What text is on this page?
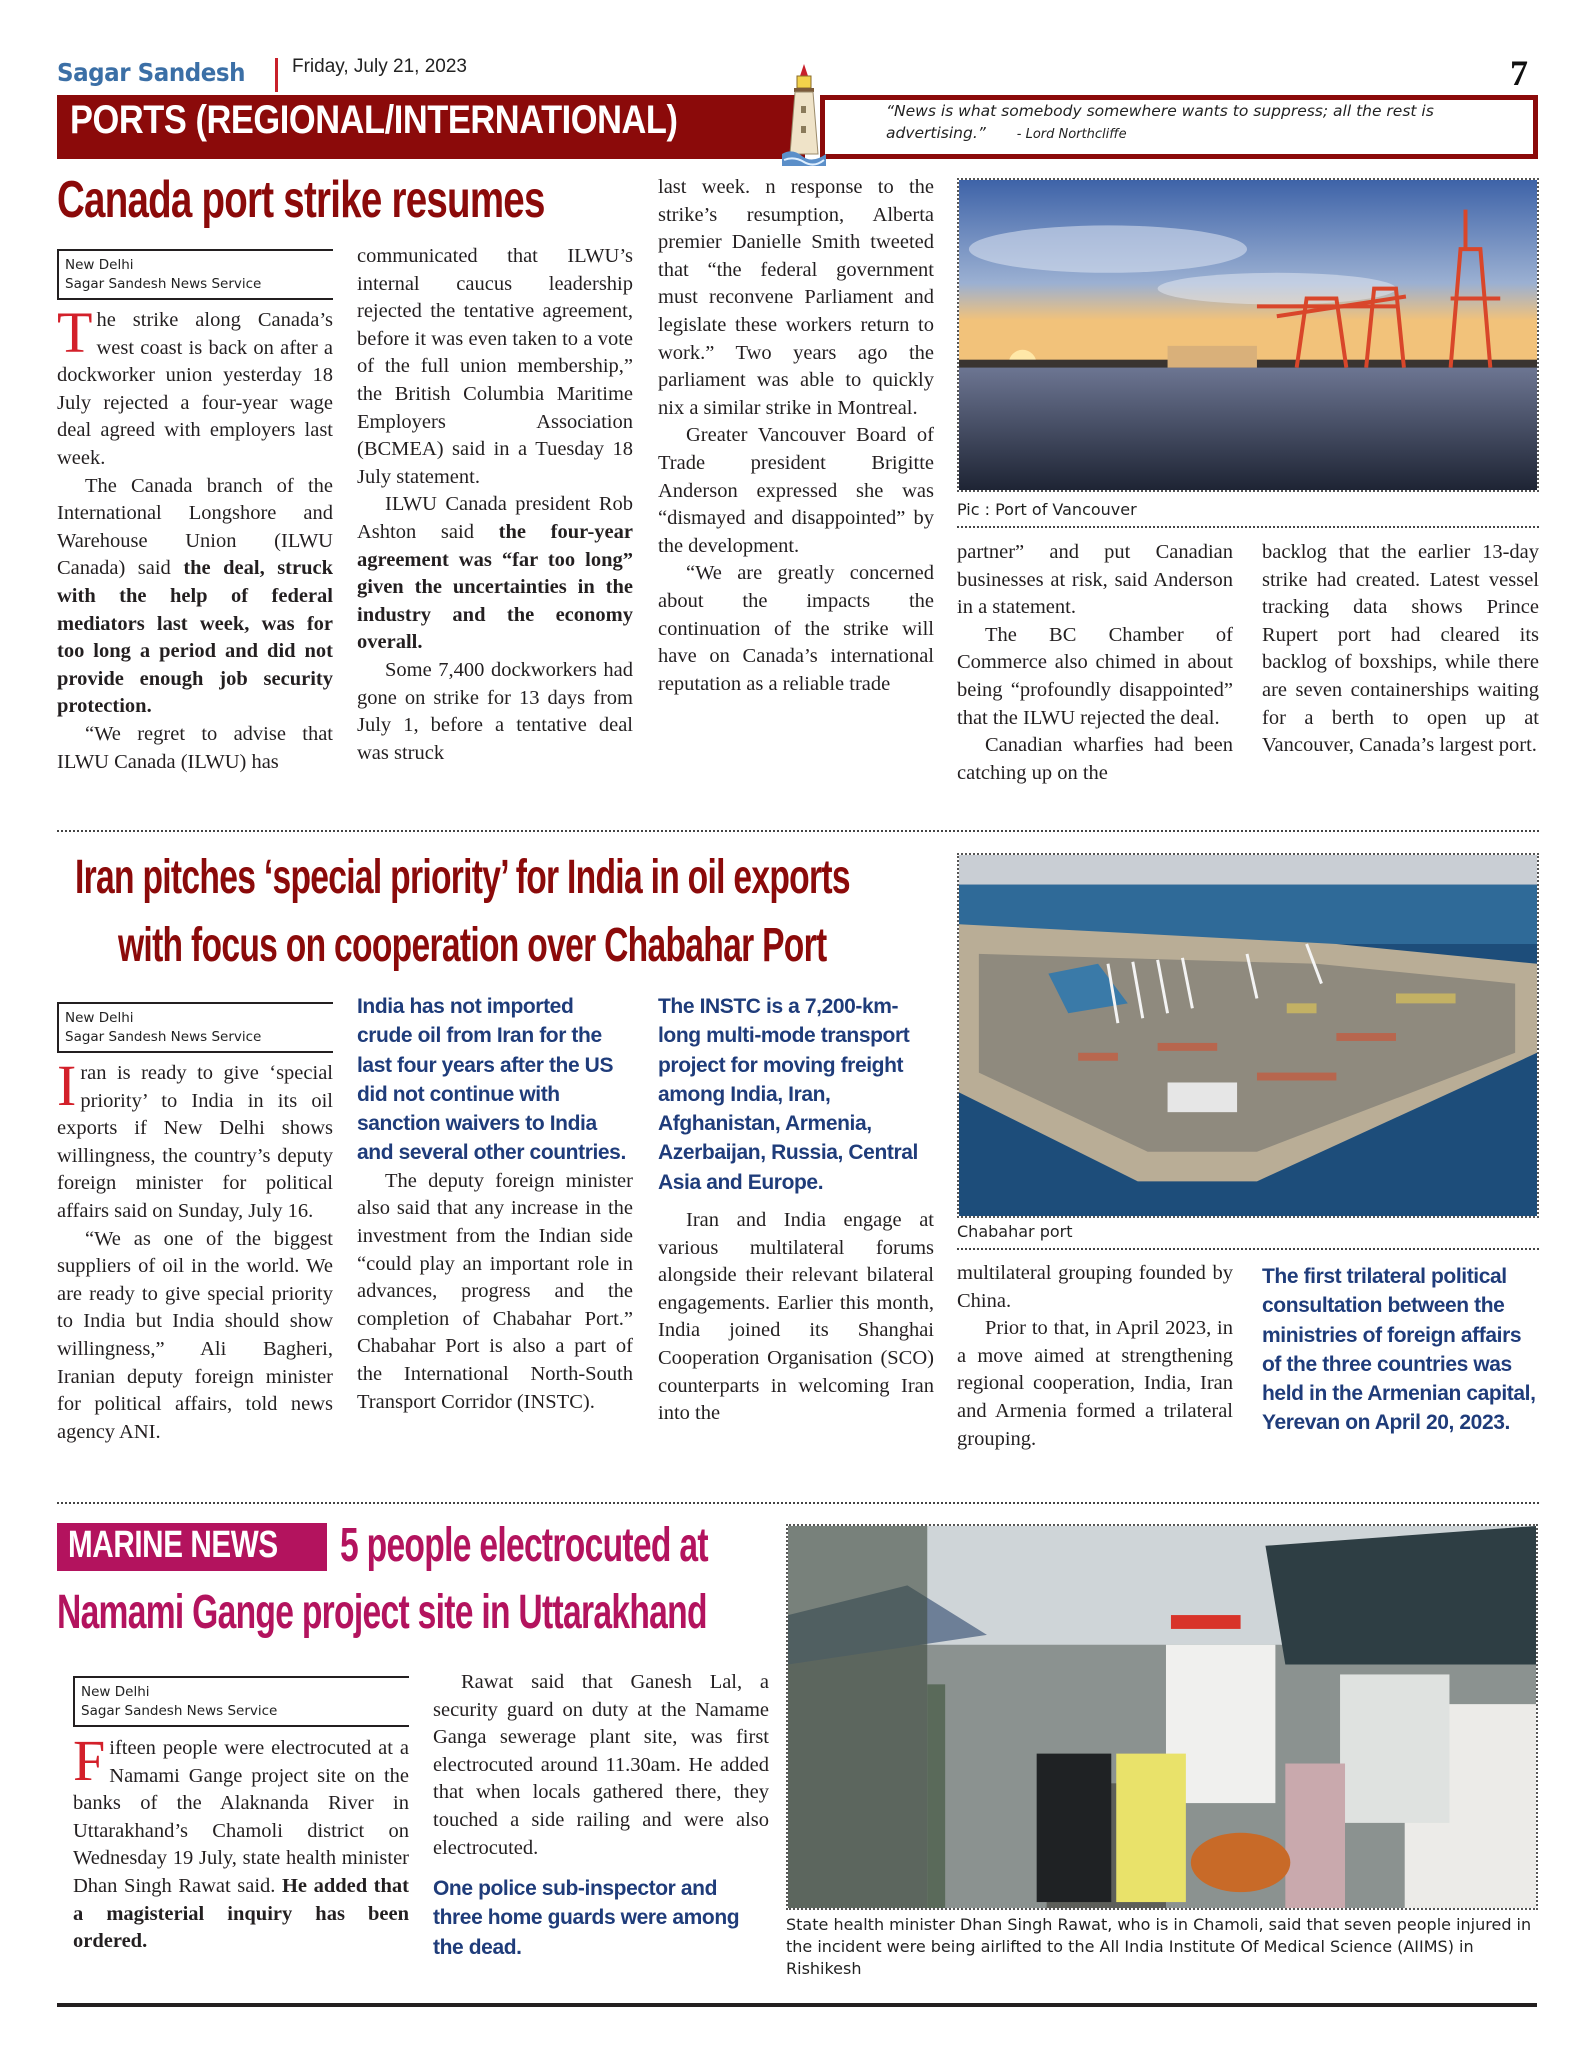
Sagar Sandesh Friday, July 21, 2023	7
PORTS (REGIONAL/INTERNATIONAL)	“News is what somebody somewhere wants to suppress; all the rest is advertising.” - Lord Northcliffe
Canada port strike resumes
New Delhi
Sagar Sandesh News Service

The strike along Canada’s west coast is back on after a dockworker union yesterday 18 July rejected a four-year wage deal agreed with employers last week.

The Canada branch of the International Longshore and Warehouse Union (ILWU Canada) said the deal, struck with the help of federal mediators last week, was for too long a period and did not provide enough job security protection.

“We regret to advise that ILWU Canada (ILWU) has

communicated that ILWU’s internal caucus leadership rejected the tentative agreement, before it was even taken to a vote of the full union membership,” the British Columbia Maritime Employers Association (BCMEA) said in a Tuesday 18 July statement.

ILWU Canada president Rob Ashton said the four-year agreement was “far too long” given the uncertainties in the industry and the economy overall.

Some 7,400 dockworkers had gone on strike for 13 days from July 1, before a tentative deal was struck

last week. n response to the strike’s resumption, Alberta premier Danielle Smith tweeted that “the federal government must reconvene Parliament and legislate these workers return to work.” Two years ago the parliament was able to quickly nix a similar strike in Montreal.

Greater Vancouver Board of Trade president Brigitte Anderson expressed she was “dismayed and disappointed” by the development.

“We are greatly concerned about the impacts the continuation of the strike will have on Canada’s international reputation as a reliable trade

Pic : Port of Vancouver

partner” and put Canadian businesses at risk, said Anderson in a statement.

The BC Chamber of Commerce also chimed in about being “profoundly disappointed” that the ILWU rejected the deal.

Canadian wharfies had been catching up on the

backlog that the earlier 13-day strike had created. Latest vessel tracking data shows Prince Rupert port had cleared its backlog of boxships, while there are seven containerships waiting for a berth to open up at Vancouver, Canada’s largest port.

Iran pitches ‘special priority’ for India in oil exports
with focus on cooperation over Chabahar Port
New Delhi
Sagar Sandesh News Service

Iran is ready to give ‘special priority’ to India in its oil exports if New Delhi shows willingness, the country’s deputy foreign minister for political affairs said on Sunday, July 16.

“We as one of the biggest suppliers of oil in the world. We are ready to give special priority to India but India should show willingness,” Ali Bagheri, Iranian deputy foreign minister for political affairs, told news agency ANI.

India has not imported crude oil from Iran for the last four years after the US did not continue with sanction waivers to India and several other countries.

The deputy foreign minister also said that any increase in the investment from the Indian side “could play an important role in advances, progress and the completion of Chabahar Port.” Chabahar Port is also a part of the International North-South Transport Corridor (INSTC).

The INSTC is a 7,200-km-long multi-mode transport project for moving freight among India, Iran, Afghanistan, Armenia, Azerbaijan, Russia, Central Asia and Europe.

Iran and India engage at various multilateral forums alongside their relevant bilateral engagements. Earlier this month, India joined its Shanghai Cooperation Organisation (SCO) counterparts in welcoming Iran into the

Chabahar port

multilateral grouping founded by China.

Prior to that, in April 2023, in a move aimed at strengthening regional cooperation, India, Iran and Armenia formed a trilateral grouping.

The first trilateral political consultation between the ministries of foreign affairs of the three countries was held in the Armenian capital, Yerevan on April 20, 2023.
MARINE NEWS 5 people electrocuted at
Namami Gange project site in Uttarakhand
New Delhi
Sagar Sandesh News Service

Fifteen people were electrocuted at a Namami Gange project site on the banks of the Alaknanda River in Uttarakhand’s Chamoli district on Wednesday 19 July, state health minister Dhan Singh Rawat said. He added that a magisterial inquiry has been ordered.

Rawat said that Ganesh Lal, a security guard on duty at the Namame Ganga sewerage plant site, was first electrocuted around 11.30am. He added that when locals gathered there, they touched a side railing and were also electrocuted.

One police sub-inspector and three home guards were among the dead.
State health minister Dhan Singh Rawat, who is in Chamoli, said that seven people injured in the incident were being airlifted to the All India Institute Of Medical Science (AIIMS) in Rishikesh
